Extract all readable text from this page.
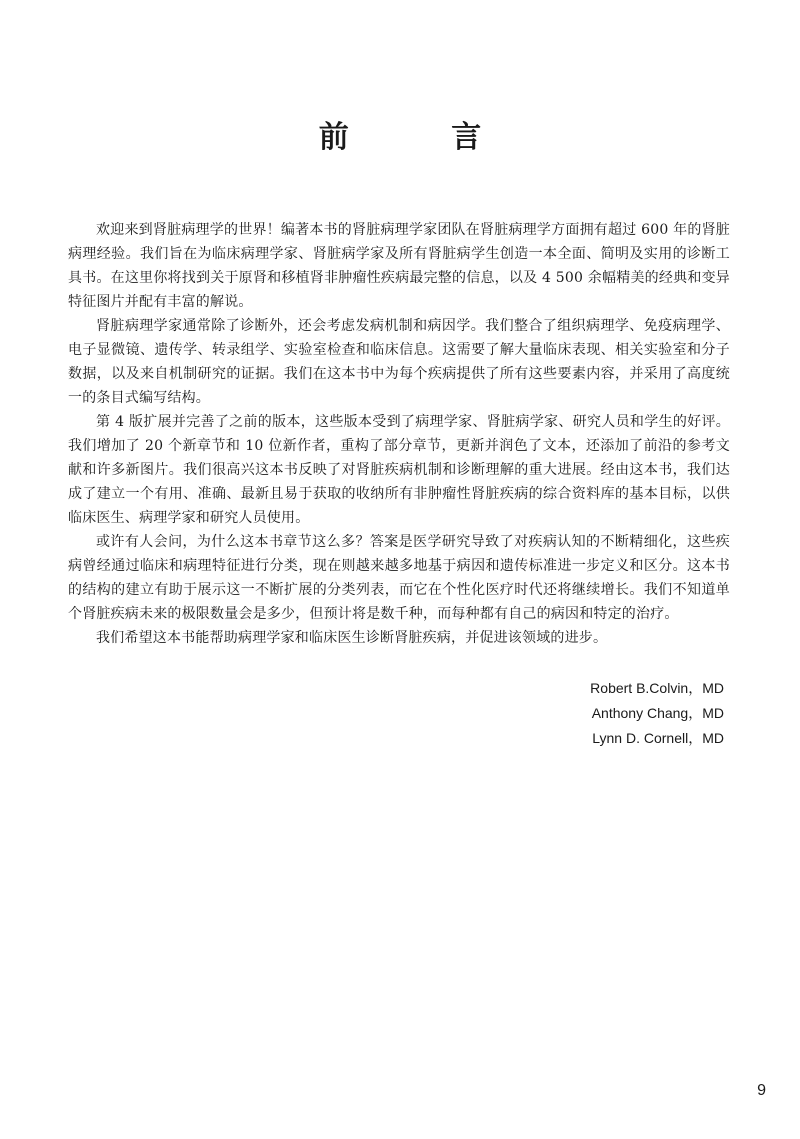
前 言

欢迎来到肾脏病理学的世界！编著本书的肾脏病理学家团队在肾脏病理学方面拥有超过 600 年的肾脏病理经验。我们旨在为临床病理学家、肾脏病学家及所有肾脏病学生创造一本全面、简明及实用的诊断工具书。在这里你将找到关于原肾和移植肾非肿瘤性疾病最完整的信息，以及 4 500 余幅精美的经典和变异特征图片并配有丰富的解说。

肾脏病理学家通常除了诊断外，还会考虑发病机制和病因学。我们整合了组织病理学、免疫病理学、电子显微镜、遗传学、转录组学、实验室检查和临床信息。这需要了解大量临床表现、相关实验室和分子数据，以及来自机制研究的证据。我们在这本书中为每个疾病提供了所有这些要素内容，并采用了高度统一的条目式编写结构。

第 4 版扩展并完善了之前的版本，这些版本受到了病理学家、肾脏病学家、研究人员和学生的好评。我们增加了 20 个新章节和 10 位新作者，重构了部分章节，更新并润色了文本，还添加了前沿的参考文献和许多新图片。我们很高兴这本书反映了对肾脏疾病机制和诊断理解的重大进展。经由这本书，我们达成了建立一个有用、准确、最新且易于获取的收纳所有非肿瘤性肾脏疾病的综合资料库的基本目标，以供临床医生、病理学家和研究人员使用。

或许有人会问，为什么这本书章节这么多？答案是医学研究导致了对疾病认知的不断精细化，这些疾病曾经通过临床和病理特征进行分类，现在则越来越多地基于病因和遗传标准进一步定义和区分。这本书的结构的建立有助于展示这一不断扩展的分类列表，而它在个性化医疗时代还将继续增长。我们不知道单个肾脏疾病未来的极限数量会是多少，但预计将是数千种，而每种都有自己的病因和特定的治疗。

我们希望这本书能帮助病理学家和临床医生诊断肾脏疾病，并促进该领域的进步。

Robert B.Colvin，MD
Anthony Chang，MD
Lynn D. Cornell，MD
9
